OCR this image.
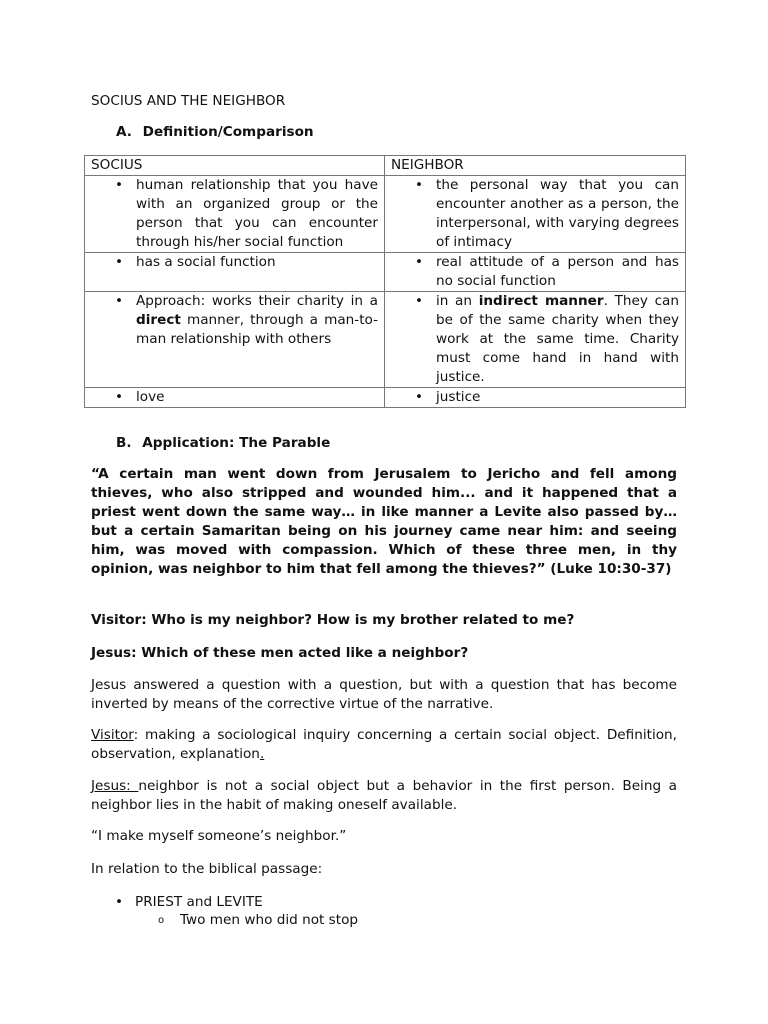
SOCIUS AND THE NEIGHBOR
A. Definition/Comparison
SOCIUS	NEIGHBOR

• human relationship that you have with an organized group or the person that you can encounter through his/her social function	• the personal way that you can encounter another as a person, the interpersonal, with varying degrees of intimacy

• has a social function	• real attitude of a person and has no social function

• Approach: works their charity in a direct manner, through a man-to-man relationship with others	• in an indirect manner. They can be of the same charity when they work at the same time. Charity must come hand in hand with justice.

• love	• justice
B. Application: The Parable
“A certain man went down from Jerusalem to Jericho and fell among thieves, who also stripped and wounded him... and it happened that a priest went down the same way… in like manner a Levite also passed by… but a certain Samaritan being on his journey came near him: and seeing him, was moved with compassion. Which of these three men, in thy opinion, was neighbor to him that fell among the thieves?” (Luke 10:30-37)
Visitor: Who is my neighbor? How is my brother related to me?
Jesus: Which of these men acted like a neighbor?
Jesus answered a question with a question, but with a question that has become inverted by means of the corrective virtue of the narrative.
Visitor: making a sociological inquiry concerning a certain social object. Definition, observation, explanation.
Jesus: neighbor is not a social object but a behavior in the first person. Being a neighbor lies in the habit of making oneself available.
“I make myself someone’s neighbor.”
In relation to the biblical passage:
• PRIEST and LEVITE
o Two men who did not stop
